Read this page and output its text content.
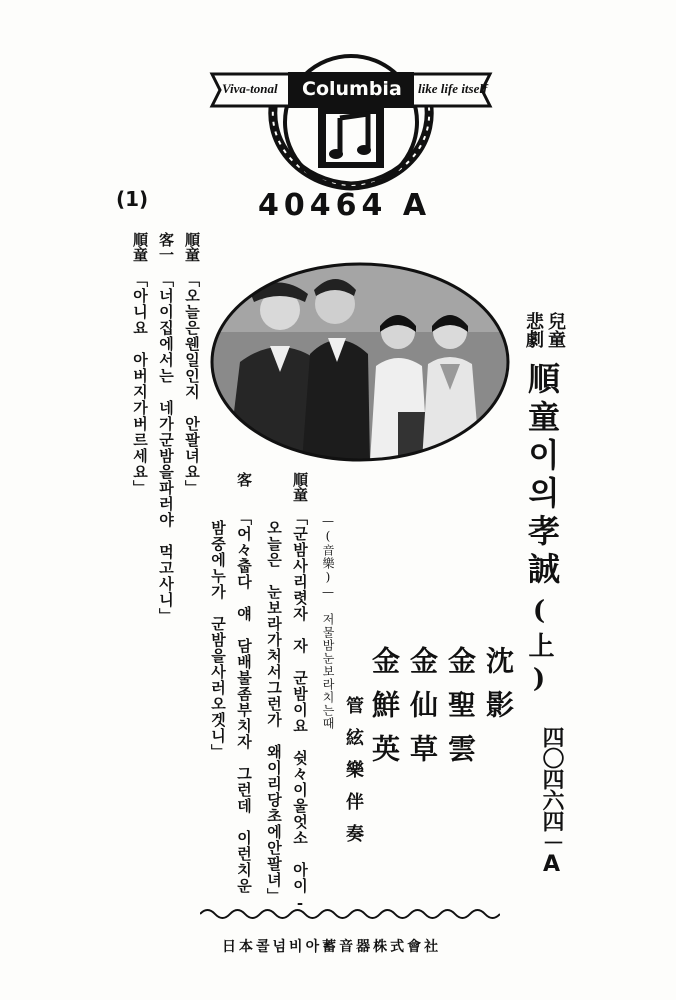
Viva-tonal Columbia like life itself
40464 A
(1)
兒童
悲劇
順童이의孝誠
(上)
四〇四六四－A
沈影
金聖雲
金仙草
金鮮英
管絃樂伴奏
—(音樂)—　저물밤눈보라치는때
順童
「군밤사리렷자　자　군밤이요　쉿々이울엇소　아이-
오늘은　눈보라가처서그런가　왜이리당초에안팔녀」
客
「어々춥다　얘　담배불좀부치자　그런데　이런치운
밤중에누가　군밤을사러오겟니」
順童
「오늘은웬일인지　안팔녀요」
客一
「너이집에서는　네가군밤을파러야　먹고사니」
順童
「아니요　아버지가버르세요」
日本콜넘비아蓄音器株式會社
